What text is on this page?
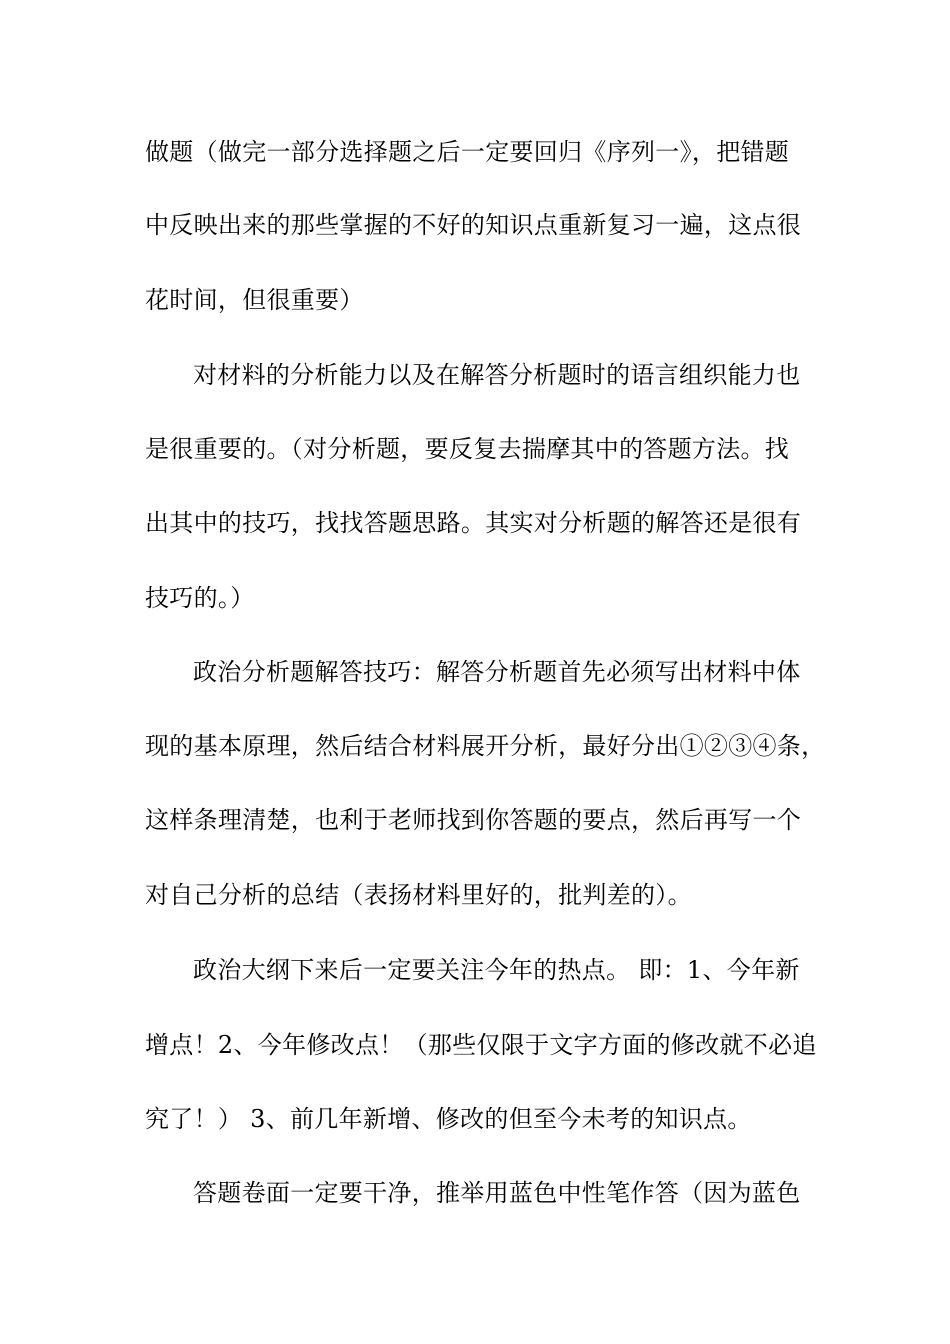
做题（做完一部分选择题之后一定要回归《序列一》，把错题
中反映出来的那些掌握的不好的知识点重新复习一遍，这点很
花时间，但很重要）
对材料的分析能力以及在解答分析题时的语言组织能力也
是很重要的。（对分析题，要反复去揣摩其中的答题方法。找
出其中的技巧，找找答题思路。其实对分析题的解答还是很有
技巧的。）
政治分析题解答技巧：解答分析题首先必须写出材料中体
现的基本原理，然后结合材料展开分析，最好分出①②③④条，
这样条理清楚，也利于老师找到你答题的要点，然后再写一个
对自己分析的总结（表扬材料里好的，批判差的）。
政治大纲下来后一定要关注今年的热点。 即：1、今年新
增点！2、今年修改点！（那些仅限于文字方面的修改就不必追
究了！） 3、前几年新增、修改的但至今未考的知识点。
答题卷面一定要干净，推举用蓝色中性笔作答（因为蓝色
